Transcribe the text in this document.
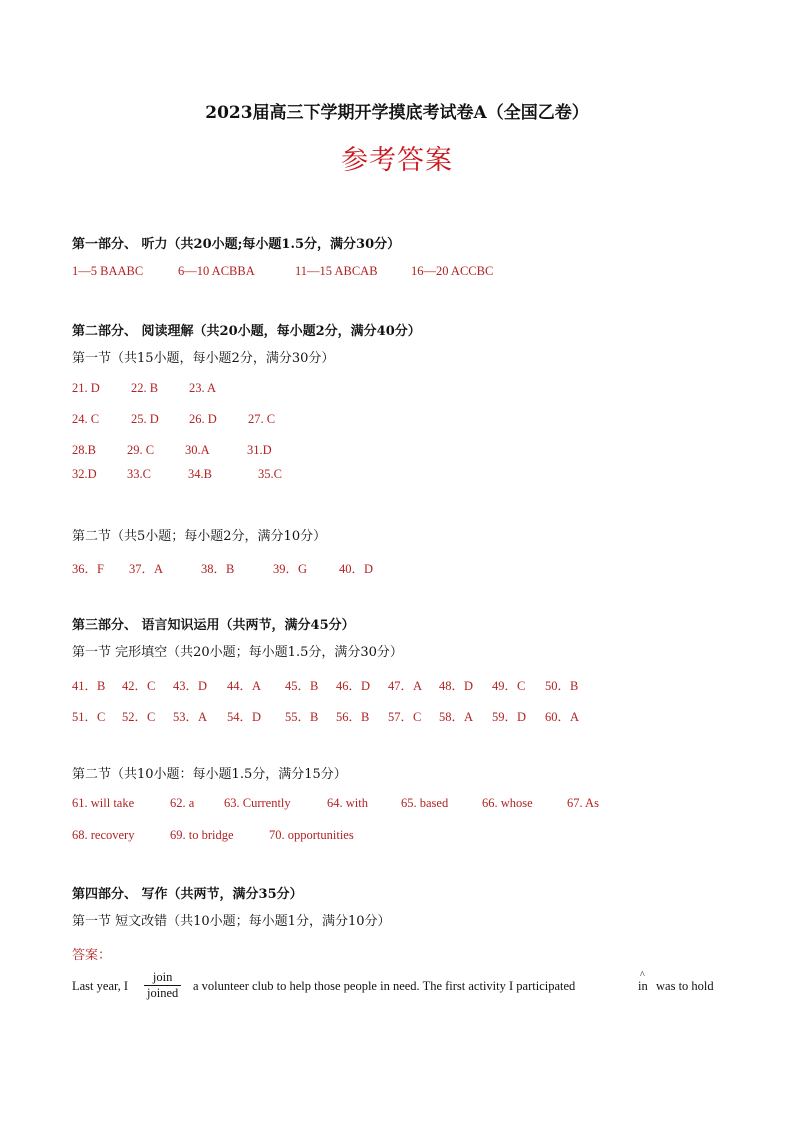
2023届高三下学期开学摸底考试卷A（全国乙卷）
参考答案
第一部分、 听力（共20小题;每小题1.5分，满分30分）
1—5 BAABC	6—10 ACBBA	11—15 ABCAB	16—20 ACCBC
第二部分、 阅读理解（共20小题，每小题2分，满分40分）
第一节（共15小题，每小题2分，满分30分）
21. D 22. B 23. A
24. C	25. D 26. D 27. C
28.B 29. C 30.A	31.D
32.D 33.C	34.B	35.C
第二节（共5小题；每小题2分，满分10分）
36．F 37．A	38．B	39．G	40．D
第三部分、 语言知识运用（共两节，满分45分）
第一节 完形填空（共20小题；每小题1.5分，满分30分）
41．B 42．C 43．D 44．A 45．B 46．D 47．A 48．D 49．C 50．B
51．C 52．C 53．A 54．D 55．B 56．B 57．C 58．A 59．D 60．A
第二节（共10小题：每小题1.5分，满分15分）
61. will take	62. a 63. Currently	64. with	65. based	66. whose	67. As
68. recovery	69. to bridge	70. opportunities
第四部分、 写作（共两节，满分35分）
第一节 短文改错（共10小题；每小题1分，满分10分）
答案：
Last year, I
join
joined a volunteer club to help those people in need. The first activity I participated
^
in was to hold
